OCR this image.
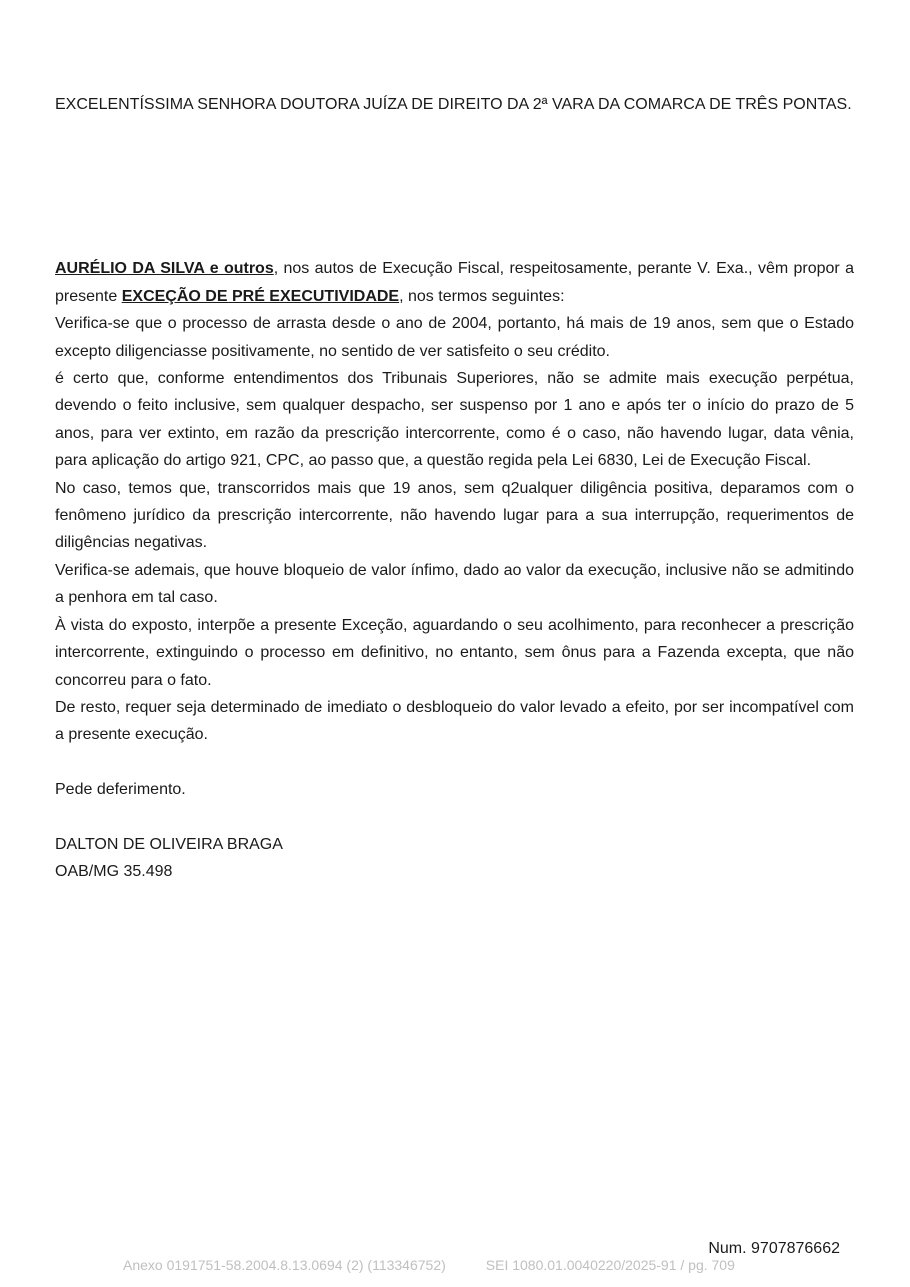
EXCELENTÍSSIMA SENHORA DOUTORA JUÍZA DE DIREITO DA 2ª VARA DA COMARCA DE TRÊS PONTAS.

AURÉLIO DA SILVA e outros, nos autos de Execução Fiscal, respeitosamente, perante V. Exa., vêm propor a presente EXCEÇÃO DE PRÉ EXECUTIVIDADE, nos termos seguintes:

Verifica-se que o processo de arrasta desde o ano de 2004, portanto, há mais de 19 anos, sem que o Estado excepto diligenciasse positivamente, no sentido de ver satisfeito o seu crédito.

é certo que, conforme entendimentos dos Tribunais Superiores, não se admite mais execução perpétua, devendo o feito inclusive, sem qualquer despacho, ser suspenso por 1 ano e após ter o início do prazo de 5 anos, para ver extinto, em razão da prescrição intercorrente, como é o caso, não havendo lugar, data vênia, para aplicação do artigo 921, CPC, ao passo que, a questão regida pela Lei 6830, Lei de Execução Fiscal.

No caso, temos que, transcorridos mais que 19 anos, sem q2ualquer diligência positiva, deparamos com o fenômeno jurídico da prescrição intercorrente, não havendo lugar para a sua interrupção, requerimentos de diligências negativas.

Verifica-se ademais, que houve bloqueio de valor ínfimo, dado ao valor da execução, inclusive não se admitindo a penhora em tal caso.

À vista do exposto, interpõe a presente Exceção, aguardando o seu acolhimento, para reconhecer a prescrição intercorrente, extinguindo o processo em definitivo, no entanto, sem ônus para a Fazenda excepta, que não concorreu para o fato.

De resto, requer seja determinado de imediato o desbloqueio do valor levado a efeito, por ser incompatível com a presente execução.

Pede deferimento.

DALTON DE OLIVEIRA BRAGA

OAB/MG 35.498

Num. 9707876662
Anexo 0191751-58.2004.8.13.0694 (2) (113346752)	SEI 1080.01.0040220/2025-91 / pg. 709
